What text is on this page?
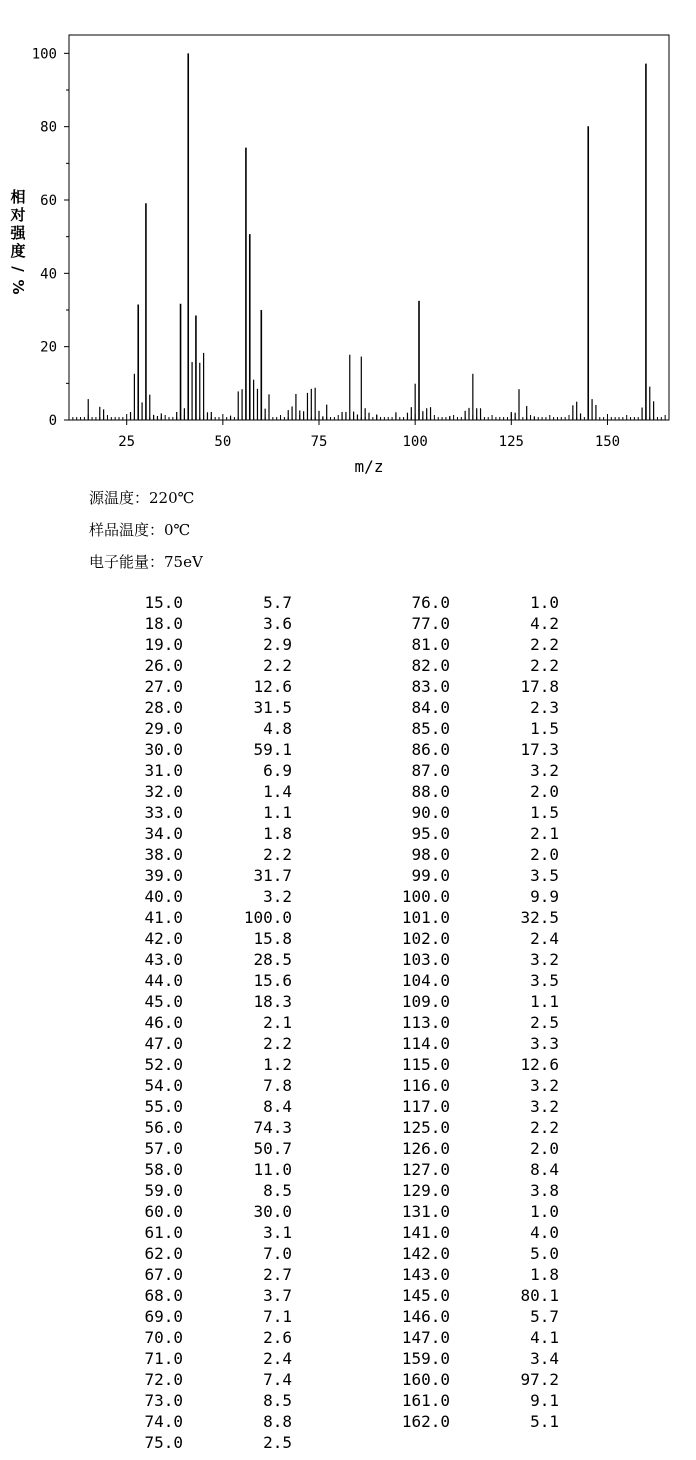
25	50	75	100	125	150
0
20
40
60
80
100
m/z
相
对
强
度
/
%
源温度：220℃
样品温度：0℃
电子能量：75eV
15.0	5.7
18.0	3.6
19.0	2.9
26.0	2.2
27.0	12.6
28.0	31.5
29.0	4.8
30.0	59.1
31.0	6.9
32.0	1.4
33.0	1.1
34.0	1.8
38.0	2.2
39.0	31.7
40.0	3.2
41.0	100.0
42.0	15.8
43.0	28.5
44.0	15.6
45.0	18.3
46.0	2.1
47.0	2.2
52.0	1.2
54.0	7.8
55.0	8.4
56.0	74.3
57.0	50.7
58.0	11.0
59.0	8.5
60.0	30.0
61.0	3.1
62.0	7.0
67.0	2.7
68.0	3.7
69.0	7.1
70.0	2.6
71.0	2.4
72.0	7.4
73.0	8.5
74.0	8.8
75.0	2.5
76.0	1.0
77.0	4.2
81.0	2.2
82.0	2.2
83.0	17.8
84.0	2.3
85.0	1.5
86.0	17.3
87.0	3.2
88.0	2.0
90.0	1.5
95.0	2.1
98.0	2.0
99.0	3.5
100.0	9.9
101.0	32.5
102.0	2.4
103.0	3.2
104.0	3.5
109.0	1.1
113.0	2.5
114.0	3.3
115.0	12.6
116.0	3.2
117.0	3.2
125.0	2.2
126.0	2.0
127.0	8.4
129.0	3.8
131.0	1.0
141.0	4.0
142.0	5.0
143.0	1.8
145.0	80.1
146.0	5.7
147.0	4.1
159.0	3.4
160.0	97.2
161.0	9.1
162.0	5.1
